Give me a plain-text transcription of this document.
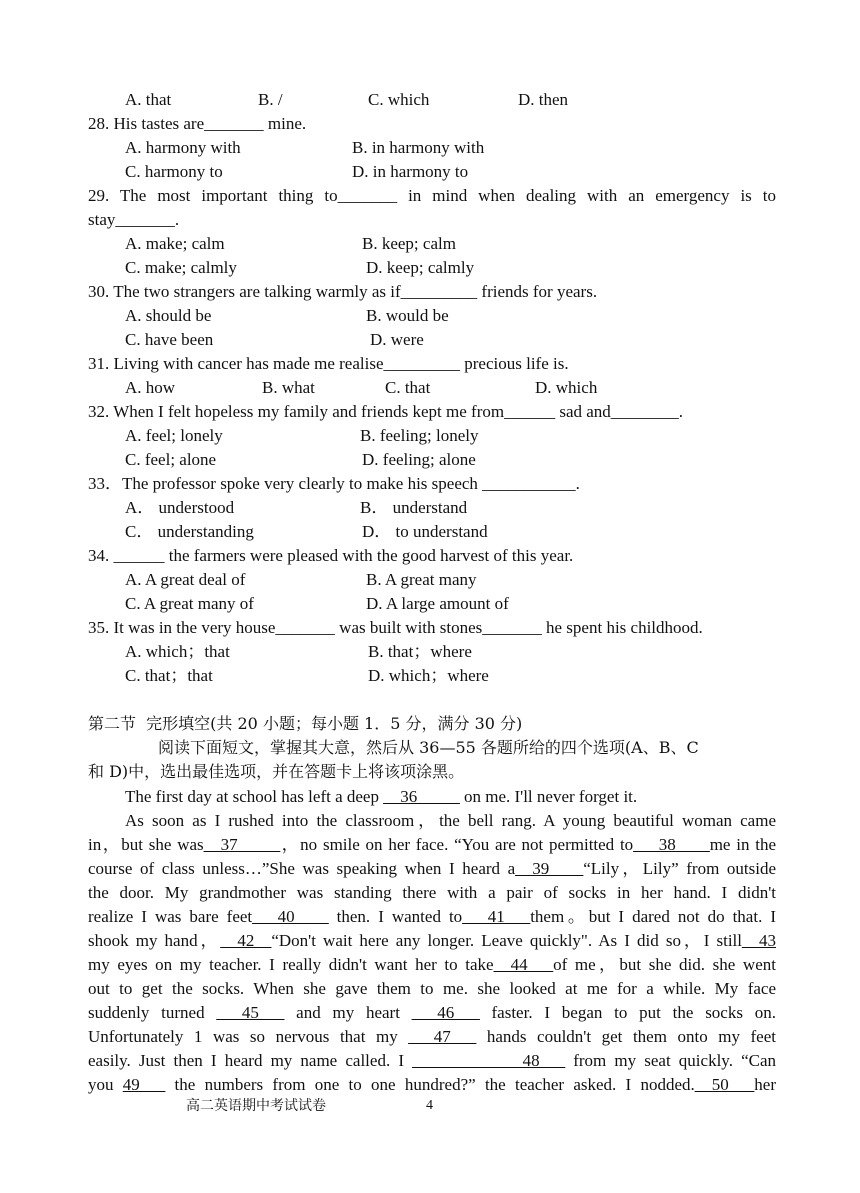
A. that	B. /	C. which	D. then
28. His tastes are_______ mine.
A. harmony with	B. in harmony with
C. harmony to	D. in harmony to
29. The most important thing to_______ in mind when dealing with an emergency is to
stay_______.
A. make; calm	B. keep; calm
C. make; calmly	D. keep; calmly
30. The two strangers are talking warmly as if_________ friends for years.
A. should be	B. would be
C. have been	D. were
31. Living with cancer has made me realise_________ precious life is.
A. how	B. what	C. that	D. which
32. When I felt hopeless my family and friends kept me from______ sad and________.
A. feel; lonely	B. feeling; lonely
C. feel; alone	D. feeling; alone
33．The professor spoke very clearly to make his speech ___________.
A． understood	B． understand
C． understanding	D． to understand
34. ______ the farmers were pleased with the good harvest of this year.
A. A great deal of	B. A great many
C. A great many of	D. A large amount of
35. It was in the very house_______ was built with stones_______ he spent his childhood.
A. which；that	B. that；where
C. that；that	D. which；where
第二节  完形填空(共 20 小题；每小题 1．5 分，满分 30 分)
阅读下面短文，掌握其大意，然后从 36—55 各题所给的四个选项(A、B、C
和 D)中，选出最佳选项，并在答题卡上将该项涂黑。
The first day at school has left a deep __36_____ on me. I'll never forget it.
As soon as I rushed into the classroom，the bell rang. A young beautiful woman came
in，but she was__37_____，no smile on her face. “You are not permitted to___38____me in the
course of class unless…”She was speaking when I heard a__39____“Lily，Lily” from outside
the door. My grandmother was standing there with a pair of socks in her hand. I didn't
realize I was bare feet___40____ then. I wanted to___41___them。but I dared not do that. I
shook my hand，__42__“Don't wait here any longer. Leave quickly". As I did so，I still__43
my eyes on my teacher. I really didn't want her to take__44___of me，but she did. she went
out to get the socks. When she gave them to me. she looked at me for a while. My face
suddenly turned ___45___ and my heart ___46___ faster. I began to put the socks on.
Unfortunately 1 was so nervous that my ___47___ hands couldn't get them onto my feet
easily. Just then I heard my name called. I _____________48___ from my seat quickly. “Can
you 49___ the numbers from one to one hundred?” the teacher asked. I nodded.__50___her
高二英语期中考试试卷	4
